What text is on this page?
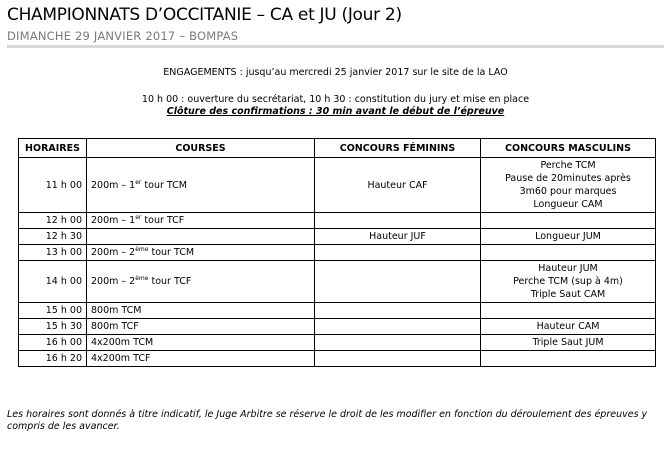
CHAMPIONNATS D’OCCITANIE – CA et JU (Jour 2)
DIMANCHE 29 JANVIER 2017 – BOMPAS
ENGAGEMENTS : jusqu’au mercredi 25 janvier 2017 sur le site de la LAO
10 h 00 : ouverture du secrétariat, 10 h 30 : constitution du jury et mise en place
Clôture des confirmations : 30 min avant le début de l’épreuve
HORAIRES	COURSES	CONCOURS FÉMININS	CONCOURS MASCULINS
11 h 00	200m – 1er tour TCM	Hauteur CAF	Perche TCM
Pause de 20minutes après
3m60 pour marques
Longueur CAM

12 h 00	200m – 1er tour TCF		
12 h 30		Hauteur JUF	Longueur JUM

13 h 00	200m – 2ème tour TCM		
14 h 00	200m – 2ème tour TCF		Hauteur JUM
Perche TCM (sup à 4m)
Triple Saut CAM

15 h 00	800m TCM		
15 h 30	800m TCF		Hauteur CAM

16 h 00	4x200m TCM		Triple Saut JUM

16 h 20	4x200m TCF		
Les horaires sont donnés à titre indicatif, le Juge Arbitre se réserve le droit de les modifier en fonction du déroulement des épreuves y compris de les avancer.
